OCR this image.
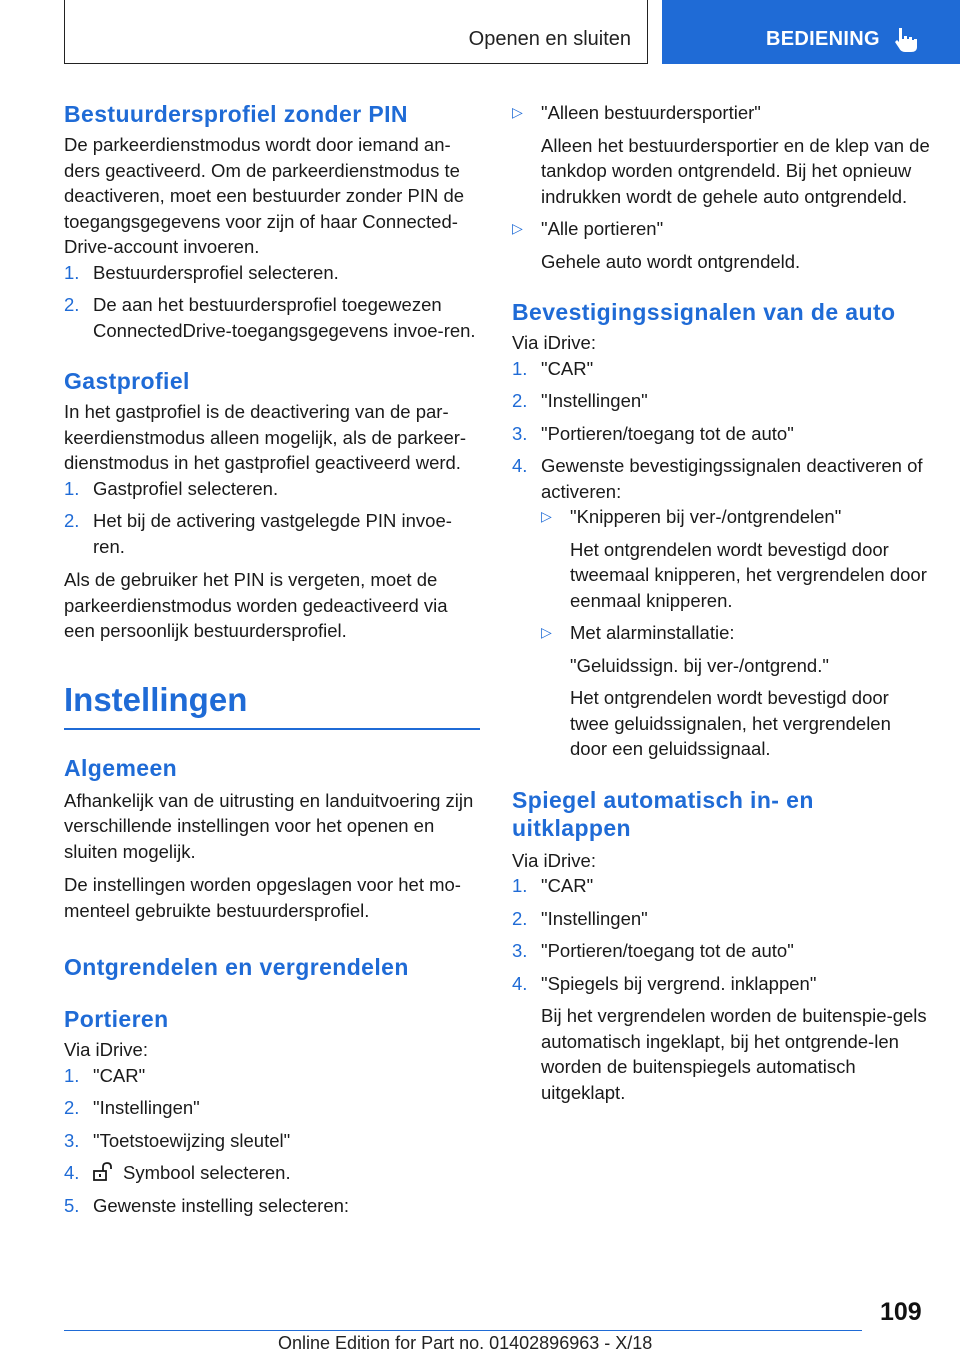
Openen en sluiten	BEDIENING
Bestuurdersprofiel zonder PIN

De parkeerdienstmodus wordt door iemand an-ders geactiveerd. Om de parkeerdienstmodus te deactiveren, moet een bestuurder zonder PIN de toegangsgegevens voor zijn of haar Connected-Drive-account invoeren.

1. Bestuurdersprofiel selecteren.
2. De aan het bestuurdersprofiel toegewezen ConnectedDrive-toegangsgegevens invoe-ren.
Gastprofiel

In het gastprofiel is de deactivering van de par-keerdienstmodus alleen mogelijk, als de parkeer-dienstmodus in het gastprofiel geactiveerd werd.

1. Gastprofiel selecteren.
2. Het bij de activering vastgelegde PIN invoe-ren.

Als de gebruiker het PIN is vergeten, moet de parkeerdienstmodus worden gedeactiveerd via een persoonlijk bestuurdersprofiel.

Instellingen
Algemeen

Afhankelijk van de uitrusting en landuitvoering zijn verschillende instellingen voor het openen en sluiten mogelijk.

De instellingen worden opgeslagen voor het mo-menteel gebruikte bestuurdersprofiel.

Ontgrendelen en vergrendelen
Portieren

Via iDrive:

1. "CAR"
2. "Instellingen"
3. "Toetstoewijzing sleutel"
4. Symbool selecteren.
5. Gewenste instelling selecteren:
▷ "Alleen bestuurdersportier"
Alleen het bestuurdersportier en de klep van de tankdop worden ontgrendeld. Bij het opnieuw indrukken wordt de gehele auto ontgrendeld.
▷ "Alle portieren"
Gehele auto wordt ontgrendeld.
Bevestigingssignalen van de auto

Via iDrive:

1. "CAR"
2. "Instellingen"
3. "Portieren/toegang tot de auto"
4. Gewenste bevestigingssignalen deactiveren of activeren:
▷ "Knipperen bij ver-/ontgrendelen"
Het ontgrendelen wordt bevestigd door tweemaal knipperen, het vergrendelen door eenmaal knipperen.
▷ Met alarminstallatie:
"Geluidssign. bij ver-/ontgrend."
Het ontgrendelen wordt bevestigd door twee geluidssignalen, het vergrendelen door een geluidssignaal.
Spiegel automatisch in- en uitklappen

Via iDrive:

1. "CAR"
2. "Instellingen"
3. "Portieren/toegang tot de auto"
4. "Spiegels bij vergrend. inklappen"
Bij het vergrendelen worden de buitenspie-gels automatisch ingeklapt, bij het ontgrende-len worden de buitenspiegels automatisch uitgeklapt.
109
Online Edition for Part no. 01402896963 - X/18
